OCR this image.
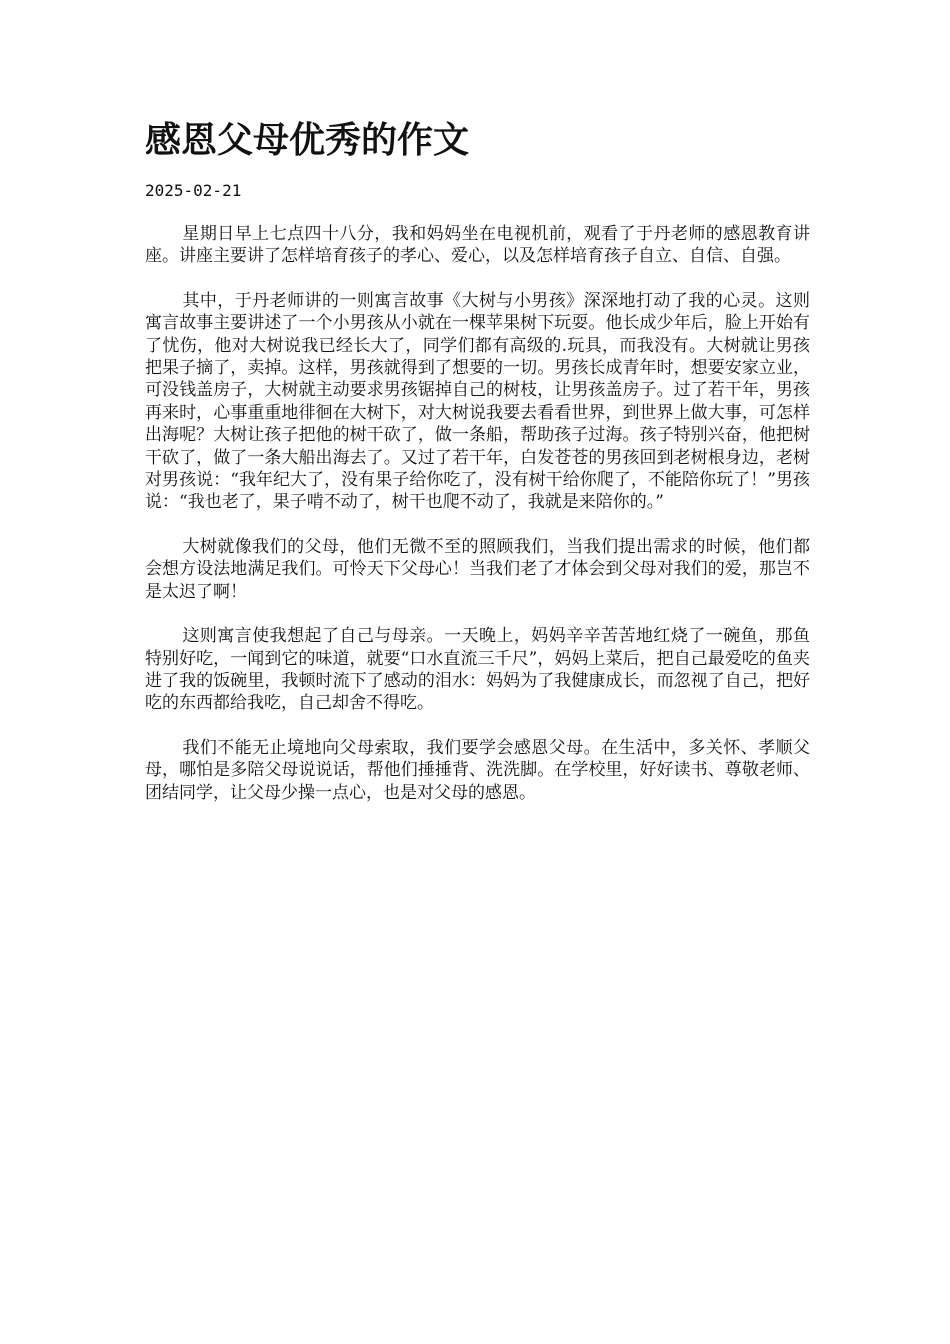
感恩父母优秀的作文
2025-02-21

星期日早上七点四十八分，我和妈妈坐在电视机前，观看了于丹老师的感恩教育讲座。讲座主要讲了怎样培育孩子的孝心、爱心，以及怎样培育孩子自立、自信、自强。

其中，于丹老师讲的一则寓言故事《大树与小男孩》深深地打动了我的心灵。这则寓言故事主要讲述了一个小男孩从小就在一棵苹果树下玩耍。他长成少年后，脸上开始有了忧伤，他对大树说我已经长大了，同学们都有高级的.玩具，而我没有。大树就让男孩把果子摘了，卖掉。这样，男孩就得到了想要的一切。男孩长成青年时，想要安家立业，可没钱盖房子，大树就主动要求男孩锯掉自己的树枝，让男孩盖房子。过了若干年，男孩再来时，心事重重地徘徊在大树下，对大树说我要去看看世界，到世界上做大事，可怎样出海呢？大树让孩子把他的树干砍了，做一条船，帮助孩子过海。孩子特别兴奋，他把树干砍了，做了一条大船出海去了。又过了若干年，白发苍苍的男孩回到老树根身边，老树对男孩说：“我年纪大了，没有果子给你吃了，没有树干给你爬了，不能陪你玩了！”男孩说：“我也老了，果子啃不动了，树干也爬不动了，我就是来陪你的。”

大树就像我们的父母，他们无微不至的照顾我们，当我们提出需求的时候，他们都会想方设法地满足我们。可怜天下父母心！当我们老了才体会到父母对我们的爱，那岂不是太迟了啊！

这则寓言使我想起了自己与母亲。一天晚上，妈妈辛辛苦苦地红烧了一碗鱼，那鱼特别好吃，一闻到它的味道，就要“口水直流三千尺”，妈妈上菜后，把自己最爱吃的鱼夹进了我的饭碗里，我顿时流下了感动的泪水：妈妈为了我健康成长，而忽视了自己，把好吃的东西都给我吃，自己却舍不得吃。

我们不能无止境地向父母索取，我们要学会感恩父母。在生活中，多关怀、孝顺父母，哪怕是多陪父母说说话，帮他们捶捶背、洗洗脚。在学校里，好好读书、尊敬老师、团结同学，让父母少操一点心，也是对父母的感恩。
